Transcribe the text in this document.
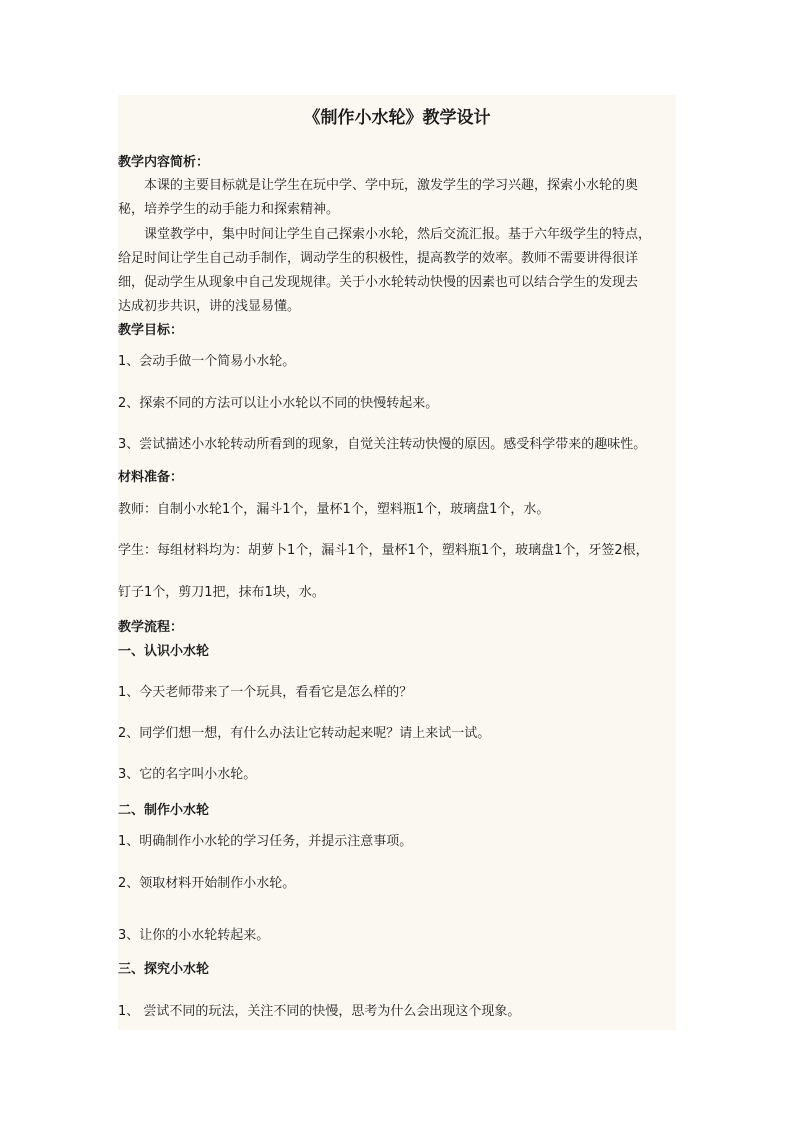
《制作小水轮》教学设计

教学内容简析：

本课的主要目标就是让学生在玩中学、学中玩，激发学生的学习兴趣，探索小水轮的奥

秘，培养学生的动手能力和探索精神。

课堂教学中，集中时间让学生自己探索小水轮，然后交流汇报。基于六年级学生的特点，

给足时间让学生自己动手制作，调动学生的积极性，提高教学的效率。教师不需要讲得很详

细，促动学生从现象中自己发现规律。关于小水轮转动快慢的因素也可以结合学生的发现去

达成初步共识，讲的浅显易懂。

教学目标：

1、会动手做一个简易小水轮。

2、探索不同的方法可以让小水轮以不同的快慢转起来。

3、尝试描述小水轮转动所看到的现象，自觉关注转动快慢的原因。感受科学带来的趣味性。

材料准备：

教师：自制小水轮1个，漏斗1个，量杯1个，塑料瓶1个，玻璃盘1个，水。

学生：每组材料均为：胡萝卜1个，漏斗1个，量杯1个，塑料瓶1个，玻璃盘1个，牙签2根，

钉子1个，剪刀1把，抹布1块，水。

教学流程：

一、认识小水轮

1、今天老师带来了一个玩具，看看它是怎么样的？

2、同学们想一想，有什么办法让它转动起来呢？请上来试一试。

3、它的名字叫小水轮。

二、制作小水轮

1、明确制作小水轮的学习任务，并提示注意事项。

2、领取材料开始制作小水轮。

3、让你的小水轮转起来。

三、探究小水轮

1、 尝试不同的玩法，关注不同的快慢，思考为什么会出现这个现象。
